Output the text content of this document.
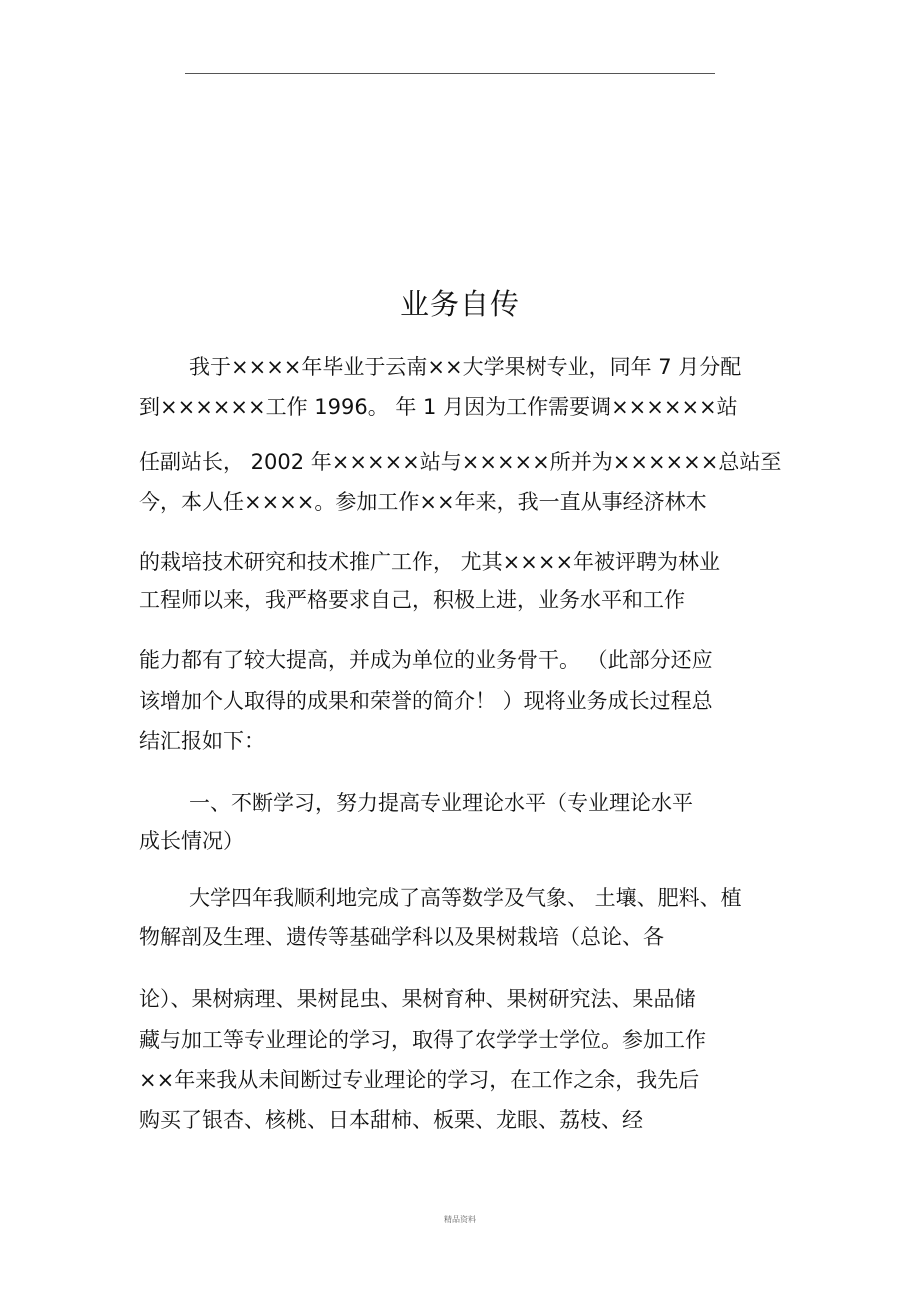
业务自传
我于××××年毕业于云南××大学果树专业，同年 7 月分配
到××××××工作 1996。 年 1 月因为工作需要调××××××站
任副站长， 2002 年×××××站与×××××所并为××××××总站至
今，本人任××××。参加工作××年来，我一直从事经济林木
的栽培技术研究和技术推广工作， 尤其××××年被评聘为林业
工程师以来，我严格要求自己，积极上进，业务水平和工作
能力都有了较大提高，并成为单位的业务骨干。 （此部分还应
该增加个人取得的成果和荣誉的简介！ ）现将业务成长过程总
结汇报如下：
一、不断学习，努力提高专业理论水平（专业理论水平
成长情况）
大学四年我顺利地完成了高等数学及气象、 土壤、肥料、植
物解剖及生理、遗传等基础学科以及果树栽培（总论、各
论）、果树病理、果树昆虫、果树育种、果树研究法、果品储
藏与加工等专业理论的学习，取得了农学学士学位。参加工作
××年来我从未间断过专业理论的学习，在工作之余，我先后
购买了银杏、核桃、日本甜柿、板栗、龙眼、荔枝、经
精品资料
